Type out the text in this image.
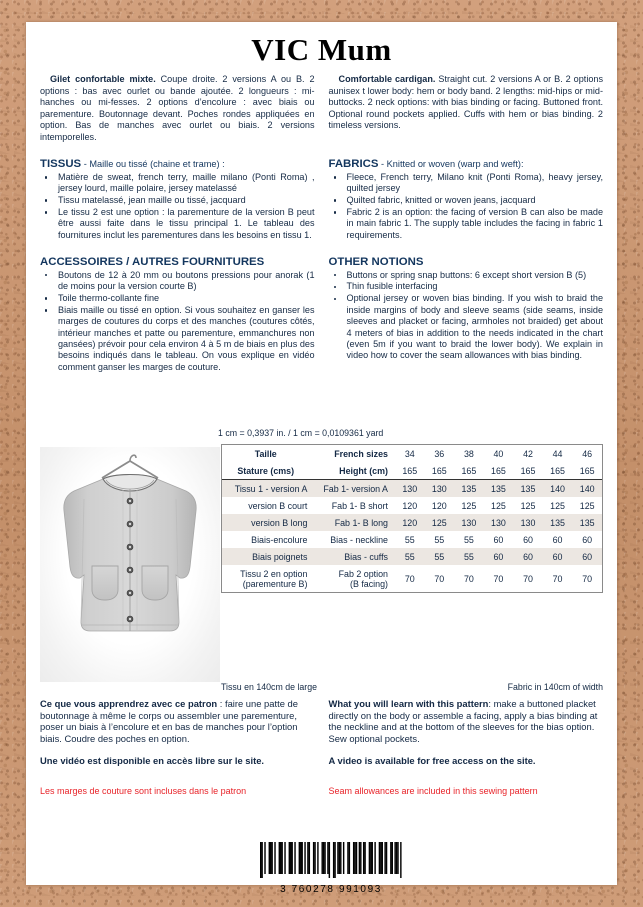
VIC Mum

Gilet confortable mixte. Coupe droite. 2 versions A ou B. 2 options : bas avec ourlet ou bande ajoutée. 2 longueurs : mi-hanches ou mi-fesses. 2 options d’encolure : avec biais ou parementure. Boutonnage devant. Poches rondes appliquées en option. Bas de manches avec ourlet ou biais. 2 versions intemporelles.

Comfortable cardigan. Straight cut. 2 versions A or B. 2 options aunisex t lower body: hem or body band. 2 lengths: mid-hips or mid-buttocks. 2 neck options: with bias binding or facing. Buttoned front. Optional round pockets applied. Cuffs with hem or bias binding. 2 timeless versions.

TISSUS - Maille ou tissé (chaine et trame) :

Matière de sweat, french terry, maille milano (Ponti Roma) , jersey lourd, maille polaire, jersey matelassé
Tissu matelassé, jean maille ou tissé, jacquard
Le tissu 2 est une option : la parementure de la version B peut être aussi faite dans le tissu principal 1. Le tableau des fournitures inclut les parementures dans les besoins en tissu 1.

FABRICS - Knitted or woven (warp and weft):

Fleece, French terry, Milano knit (Ponti Roma), heavy jersey, quilted jersey
Quilted fabric, knitted or woven jeans, jacquard
Fabric 2 is an option: the facing of version B can also be made in main fabric 1. The supply table includes the facing in fabric 1 requirements.

ACCESSOIRES / AUTRES FOURNITURES

Boutons de 12 à 20 mm ou boutons pressions pour anorak (1 de moins pour la version courte B)
Toile thermo-collante fine
Biais maille ou tissé en option. Si vous souhaitez en ganser les marges de coutures du corps et des manches (coutures côtés, intérieur manches et patte ou parementure, emmanchures non gansées) prévoir pour cela environ 4 à 5 m de biais en plus des besoins indiqués dans le tableau. On vous explique en vidéo comment ganser les marges de couture.

OTHER NOTIONS

Buttons or spring snap buttons: 6 except short version B (5)
Thin fusible interfacing
Optional jersey or woven bias binding. If you wish to braid the inside margins of body and sleeve seams (side seams, inside sleeves and placket or facing, armholes not braided) get about 4 meters of bias in addition to the needs indicated in the chart (even 5m if you want to braid the lower body). We explain in video how to cover the seam allowances with bias binding.
1 cm = 0,3937 in. / 1 cm = 0,0109361 yard
Taille	French sizes	34	36	38	40	42	44	46
Stature (cms)	Height (cm)	165	165	165	165	165	165	165
Tissu 1 - version A	Fab 1- version A	130	130	135	135	135	140	140
version B court	Fab 1- B short	120	120	125	125	125	125	125
version B long	Fab 1- B long	120	125	130	130	130	135	135
Biais-encolure	Bias - neckline	55	55	55	60	60	60	60
Biais poignets	Bias - cuffs	55	55	55	60	60	60	60
Tissu 2 en option
(parementure B)	Fab 2 option
(B facing)	70	70	70	70	70	70	70
Tissu en 140cm de large	Fabric in 140cm of width

Ce que vous apprendrez avec ce patron : faire une patte de boutonnage à même le corps ou assembler une parementure, poser un biais à l’encolure et en bas de manches pour l’option biais. Coudre des poches en option.

Une vidéo est disponible en accès libre sur le site.

Les marges de couture sont incluses dans le patron

What you will learn with this pattern: make a buttoned placket directly on the body or assemble a facing, apply a bias binding at the neckline and at the bottom of the sleeves for the bias option. Sew optional pockets.

A video is available for free access on the site.

Seam allowances are included in this sewing pattern

3 760278 991093
